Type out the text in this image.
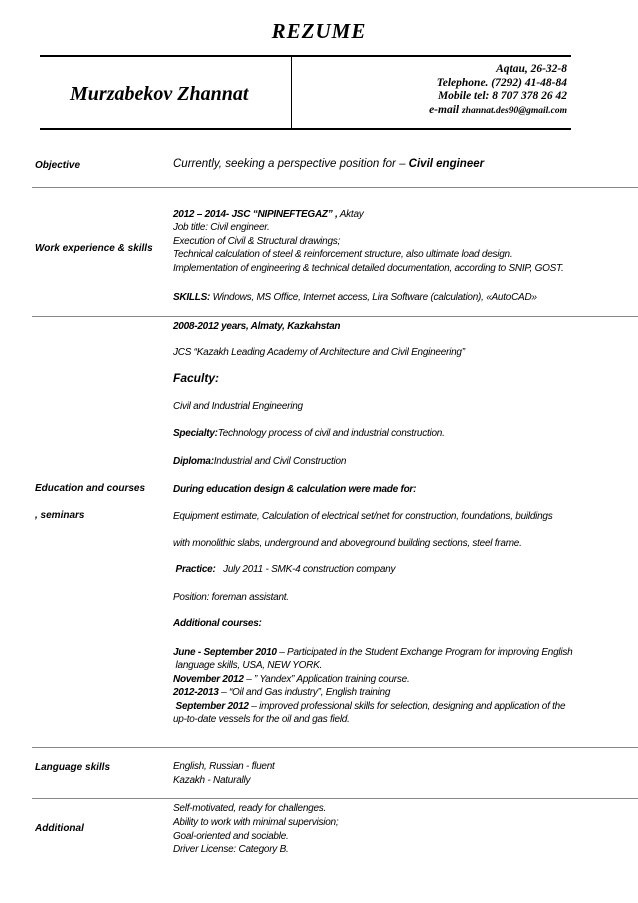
REZUME
Murzabekov Zhannat
Aqtau, 26-32-8
Telephone. (7292) 41-48-84
Mobile tel: 8 707 378 26 42
e-mail zhannat.des90@gmail.com
Objective	Currently, seeking a perspective position for – Civil engineer
Work experience & skills
2012 – 2014- JSC “NIPINEFTEGAZ” , Aktay
Job title: Civil engineer.
Execution of Civil & Structural drawings;
Technical calculation of steel & reinforcement structure, also ultimate load design.
Implementation of engineering & technical detailed documentation, according to SNIP, GOST.
SKILLS: Windows, MS Office, Internet access, Lira Software (calculation), «AutoCAD»
Education and courses
, seminars
2008-2012 years, Almaty, Kazkahstan
JCS “Kazakh Leading Academy of Architecture and Civil Engineering”
Faculty:
Civil and Industrial Engineering
Specialty:Technology process of civil and industrial construction.
Diploma:Industrial and Civil Construction
During education design & calculation were made for:
Equipment estimate, Calculation of electrical set/net for construction, foundations, buildings
with monolithic slabs, underground and aboveground building sections, steel frame.
Practice: July 2011 - SMK-4 construction company
Position: foreman assistant.
Additional courses:
June - September 2010 – Participated in the Student Exchange Program for improving English
language skills, USA, NEW YORK.
November 2012 – ” Yandex” Application training course.
2012-2013 – “Oil and Gas industry”, English training
September 2012 – improved professional skills for selection, designing and application of the
up-to-date vessels for the oil and gas field.
Language skills	English, Russian - fluent
Kazakh - Naturally
Additional
Self-motivated, ready for challenges.
Ability to work with minimal supervision;
Goal-oriented and sociable.
Driver License: Category B.
